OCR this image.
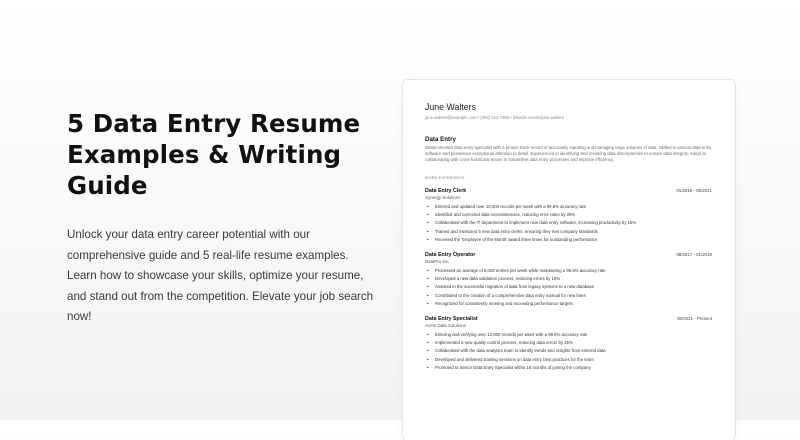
5 Data Entry Resume Examples & Writing Guide

Unlock your data entry career potential with our comprehensive guide and 5 real-life resume examples. Learn how to showcase your skills, optimize your resume, and stand out from the competition. Elevate your job search now!

June Walters
june.walters@example.com • (408) 523-7685 • linkedin.com/in/june.walters
Data Entry
Detail-oriented data entry specialist with a proven track record of accurately inputting and managing large volumes of data. Skilled in various data entry software and possesses exceptional attention to detail. Experienced in identifying and resolving data discrepancies to ensure data integrity. Adept at collaborating with cross-functional teams to streamline data entry processes and improve efficiency.
WORK EXPERIENCE
Data Entry Clerk	01/2019 - 06/2021
Synergy Solutions
• Entered and updated over 10,000 records per week with a 99.8% accuracy rate
• Identified and corrected data inconsistencies, reducing error rates by 20%
• Collaborated with the IT department to implement new data entry software, increasing productivity by 15%
• Trained and mentored 5 new data entry clerks, ensuring they met company standards
• Received the 'Employee of the Month' award three times for outstanding performance
Data Entry Operator	08/2017 - 01/2019
DataPro Inc.
• Processed an average of 8,000 entries per week while maintaining a 99.5% accuracy rate
• Developed a new data validation process, reducing errors by 15%
• Assisted in the successful migration of data from legacy systems to a new database
• Contributed to the creation of a comprehensive data entry manual for new hires
• Recognized for consistently meeting and exceeding performance targets
Data Entry Specialist	06/2021 - Present
Acme Data Solutions
• Entering and verifying over 12,000 records per week with a 99.9% accuracy rate
• Implemented a new quality control process, reducing data errors by 25%
• Collaborated with the data analytics team to identify trends and insights from entered data
• Developed and delivered training sessions on data entry best practices for the team
• Promoted to Senior Data Entry Specialist within 18 months of joining the company
